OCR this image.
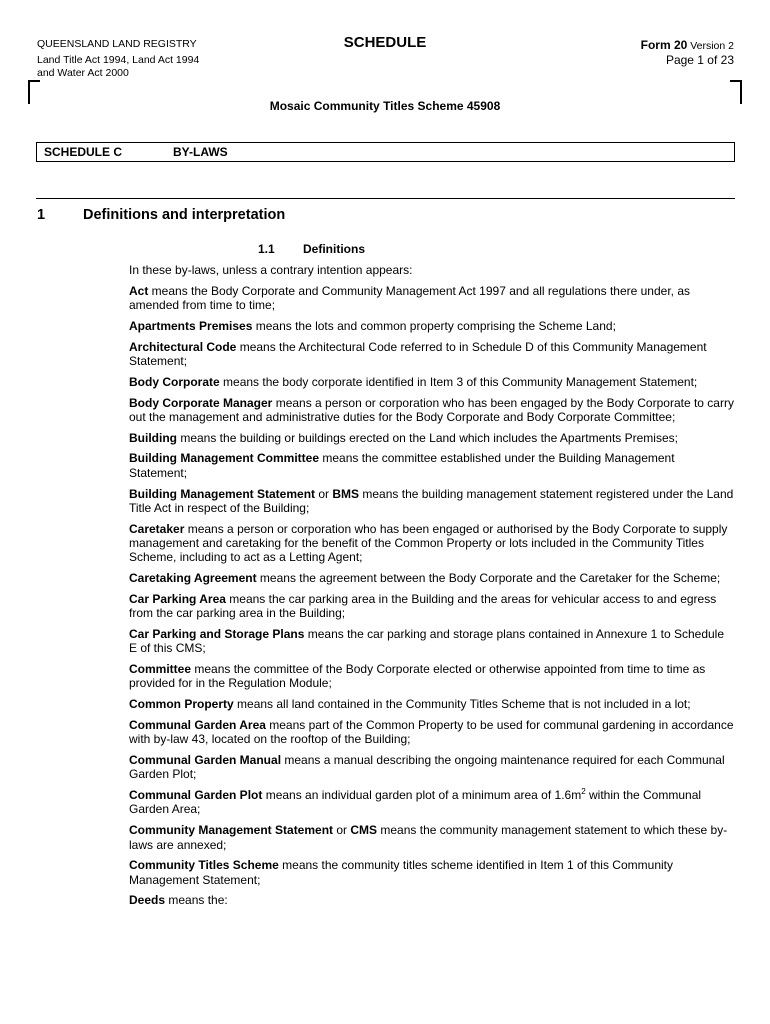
QUEENSLAND LAND REGISTRY
Land Title Act 1994, Land Act 1994
and Water Act 2000
SCHEDULE	Form 20 Version 2
Page 1 of 23
Mosaic Community Titles Scheme 45908
SCHEDULE C	BY-LAWS
1	Definitions and interpretation
1.1 Definitions

In these by-laws, unless a contrary intention appears:

Act means the Body Corporate and Community Management Act 1997 and all regulations there under, as amended from time to time;

Apartments Premises means the lots and common property comprising the Scheme Land;

Architectural Code means the Architectural Code referred to in Schedule D of this Community Management Statement;

Body Corporate means the body corporate identified in Item 3 of this Community Management Statement;

Body Corporate Manager means a person or corporation who has been engaged by the Body Corporate to carry out the management and administrative duties for the Body Corporate and Body Corporate Committee;

Building means the building or buildings erected on the Land which includes the Apartments Premises;

Building Management Committee means the committee established under the Building Management Statement;

Building Management Statement or BMS means the building management statement registered under the Land Title Act in respect of the Building;

Caretaker means a person or corporation who has been engaged or authorised by the Body Corporate to supply management and caretaking for the benefit of the Common Property or lots included in the Community Titles Scheme, including to act as a Letting Agent;

Caretaking Agreement means the agreement between the Body Corporate and the Caretaker for the Scheme;

Car Parking Area means the car parking area in the Building and the areas for vehicular access to and egress from the car parking area in the Building;

Car Parking and Storage Plans means the car parking and storage plans contained in Annexure 1 to Schedule E of this CMS;

Committee means the committee of the Body Corporate elected or otherwise appointed from time to time as provided for in the Regulation Module;

Common Property means all land contained in the Community Titles Scheme that is not included in a lot;

Communal Garden Area means part of the Common Property to be used for communal gardening in accordance with by-law 43, located on the rooftop of the Building;

Communal Garden Manual means a manual describing the ongoing maintenance required for each Communal Garden Plot;

Communal Garden Plot means an individual garden plot of a minimum area of $1.6m^2$ within the Communal Garden Area;

Community Management Statement or CMS means the community management statement to which these by-laws are annexed;

Community Titles Scheme means the community titles scheme identified in Item 1 of this Community Management Statement;

Deeds means the:
